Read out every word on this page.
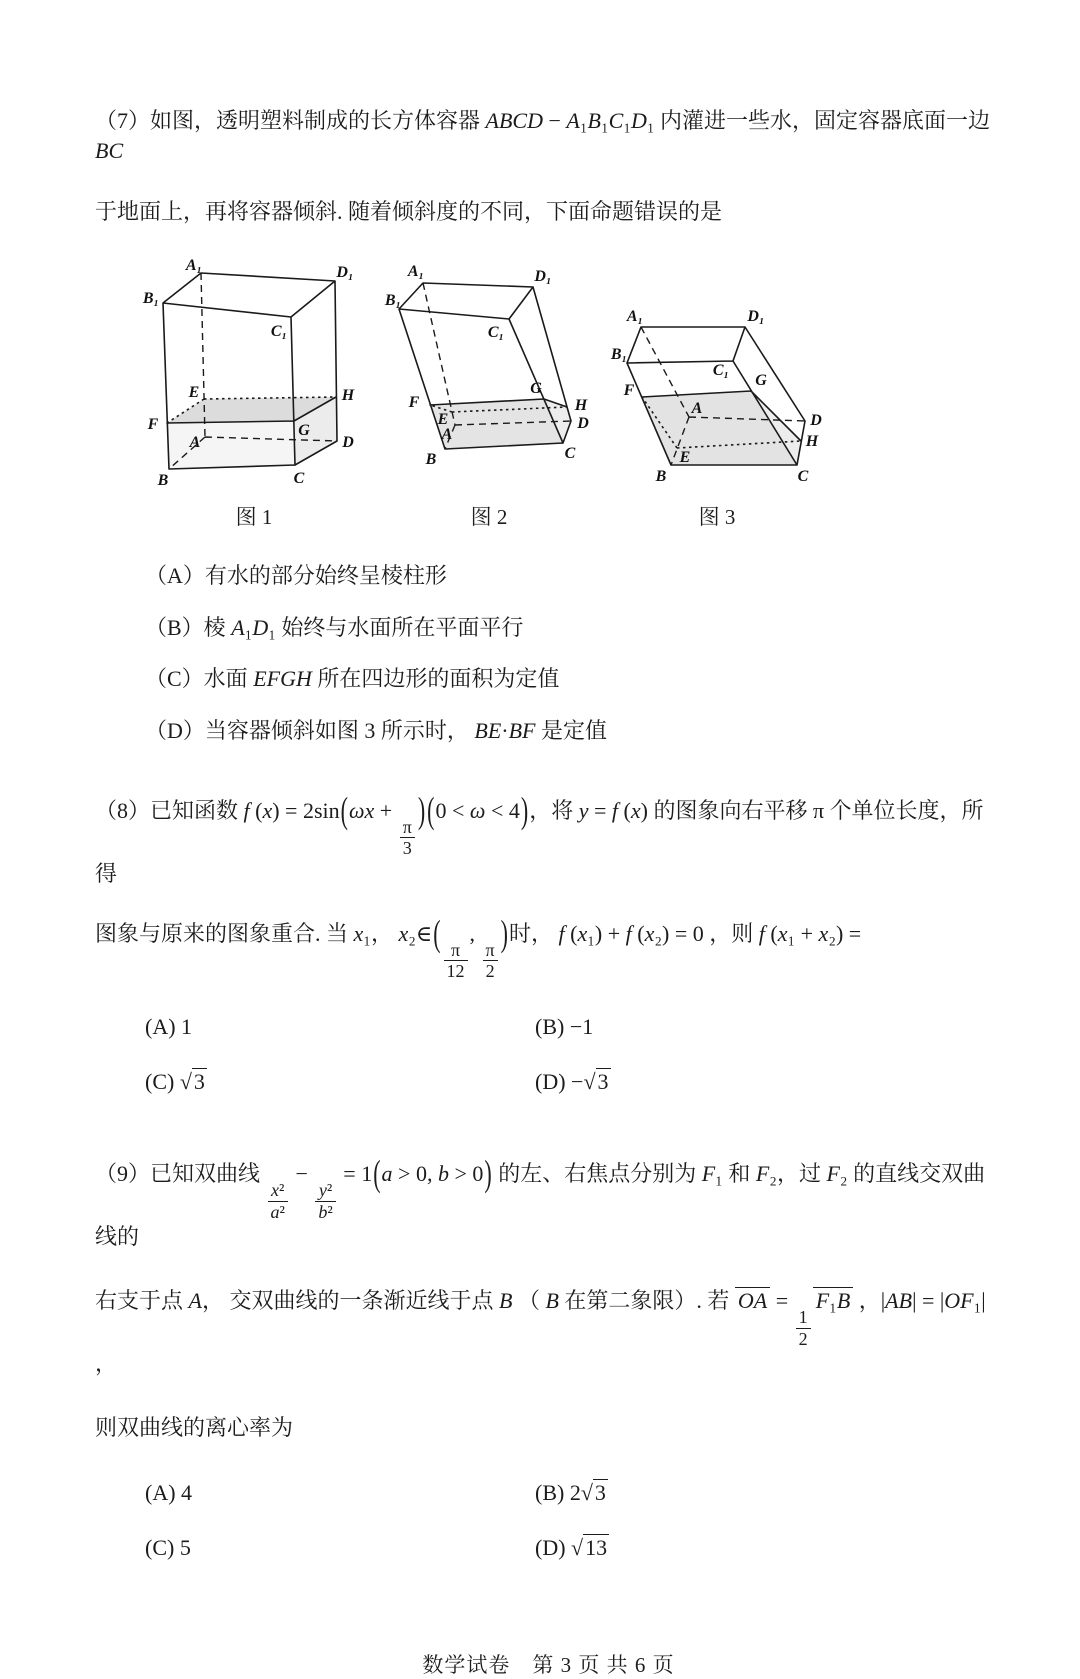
（7）如图，透明塑料制成的长方体容器 ABCD − A₁B₁C₁D₁ 内灌进一些水，固定容器底面一边 BC

于地面上，再将容器倾斜. 随着倾斜度的不同，下面命题错误的是

A₁	D₁
B₁
C₁
E	H
F	G
A	D
B	C
图 1
A₁	D₁
B₁
C₁
F
G
H
E
A
D
B	C
图 2
A₁	D₁
B₁
C₁
F
G
A
D
E
H
B	C
图 3

（A）有水的部分始终呈棱柱形

（B）棱 A₁D₁ 始终与水面所在平面平行

（C）水面 EFGH 所在四边形的面积为定值

（D）当容器倾斜如图 3 所示时， BE·BF 是定值

（8）已知函数 f (x) = 2sin(ωx +
$\frac{\pi}{3}$
)(0 < ω < 4)，将 y = f (x) 的图象向右平移 π 个单位长度，所得

图象与原来的图象重合. 当 x₁， x₂∈(
$\frac{\pi}{12}$
,
$\frac{\pi}{2}$
)时， f (x₁) + f (x₂) = 0 ，则 f (x₁ + x₂) =

(A) 1	(B) −1

(C) √3	(D) −√3

（9）已知双曲线
$\frac{\text{x²}}{\text{a²}}$
−
$\frac{\text{y²}}{\text{b²}}$
= 1(a > 0, b > 0) 的左、右焦点分别为 F₁ 和 F₂，过 F₂ 的直线交双曲线的

右支于点 A， 交双曲线的一条渐近线于点 B （ B 在第二象限）. 若 OA =
$\frac{1}{2}$
F₁B ，|AB| = |OF₁| ，

则双曲线的离心率为

(A) 4	(B) 2√3

(C) 5	(D) √13

数学试卷　第 3 页 共 6 页
